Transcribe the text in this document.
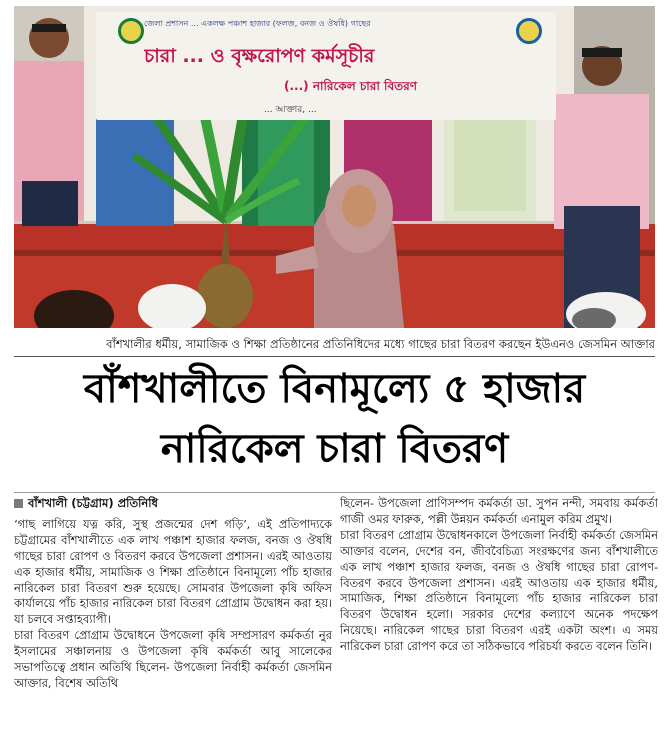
জেলা প্রশাসন ... একলক্ষ পঞ্চাশ হাজার (ফলজ, বনজ ও ঔষধি) গাছের
চারা ... ও বৃক্ষরোপণ কর্মসূচীর
(...) নারিকেল চারা বিতরণ
... আক্তার, ...
বাঁশখালীর ধর্মীয়, সামাজিক ও শিক্ষা প্রতিষ্ঠানের প্রতিনিধিদের মধ্যে গাছের চারা বিতরণ করছেন ইউএনও জেসমিন আক্তার
বাঁশখালীতে বিনামূল্যে ৫ হাজার
নারিকেল চারা বিতরণ
বাঁশখালী (চট্টগ্রাম) প্রতিনিধি

‘গাছ লাগিয়ে যত্ন করি, সুস্থ প্রজন্মের দেশ গড়ি’, এই প্রতিপাদ্যকে চট্টগ্রামের বাঁশখালীতে এক লাখ পঞ্চাশ হাজার ফলজ, বনজ ও ঔষধি গাছের চারা রোপণ ও বিতরণ করবে উপজেলা প্রশাসন। এরই আওতায় এক হাজার ধর্মীয়, সামাজিক ও শিক্ষা প্রতিষ্ঠানে বিনামূল্যে পাঁচ হাজার নারিকেল চারা বিতরণ শুরু হয়েছে। সোমবার উপজেলা কৃষি অফিস কার্যালয়ে পাঁচ হাজার নারিকেল চারা বিতরণ প্রোগ্রাম উদ্বোধন করা হয়। যা চলবে সপ্তাহব্যাপী।

চারা বিতরণ প্রোগ্রাম উদ্বোধনে উপজেলা কৃষি সম্প্রসারণ কর্মকর্তা নুর ইসলামের সঞ্চালনায় ও উপজেলা কৃষি কর্মকর্তা আবু সালেকের সভাপতিত্বে প্রধান অতিথি ছিলেন- উপজেলা নির্বাহী কর্মকর্তা জেসমিন আক্তার, বিশেষ অতিথি

ছিলেন- উপজেলা প্রাণিসম্পদ কর্মকর্তা ডা. সুপন নন্দী, সমবায় কর্মকর্তা গাজী ওমর ফারুক, পল্লী উন্নয়ন কর্মকর্তা এনামুল করিম প্রমুখ।

চারা বিতরণ প্রোগ্রাম উদ্বোধনকালে উপজেলা নির্বাহী কর্মকর্তা জেসমিন আক্তার বলেন, দেশের বন, জীববৈচিত্র্য সংরক্ষণের জন্য বাঁশখালীতে এক লাখ পঞ্চাশ হাজার ফলজ, বনজ ও ঔষধি গাছের চারা রোপণ-বিতরণ করবে উপজেলা প্রশাসন। এরই আওতায় এক হাজার ধর্মীয়, সামাজিক, শিক্ষা প্রতিষ্ঠানে বিনামূল্যে পাঁচ হাজার নারিকেল চারা বিতরণ উদ্বোধন হলো। সরকার দেশের কল্যাণে অনেক পদক্ষেপ নিয়েছে। নারিকেল গাছের চারা বিতরণ এরই একটা অংশ। এ সময় নারিকেল চারা রোপণ করে তা সঠিকভাবে পরিচর্যা করতে বলেন তিনি।
